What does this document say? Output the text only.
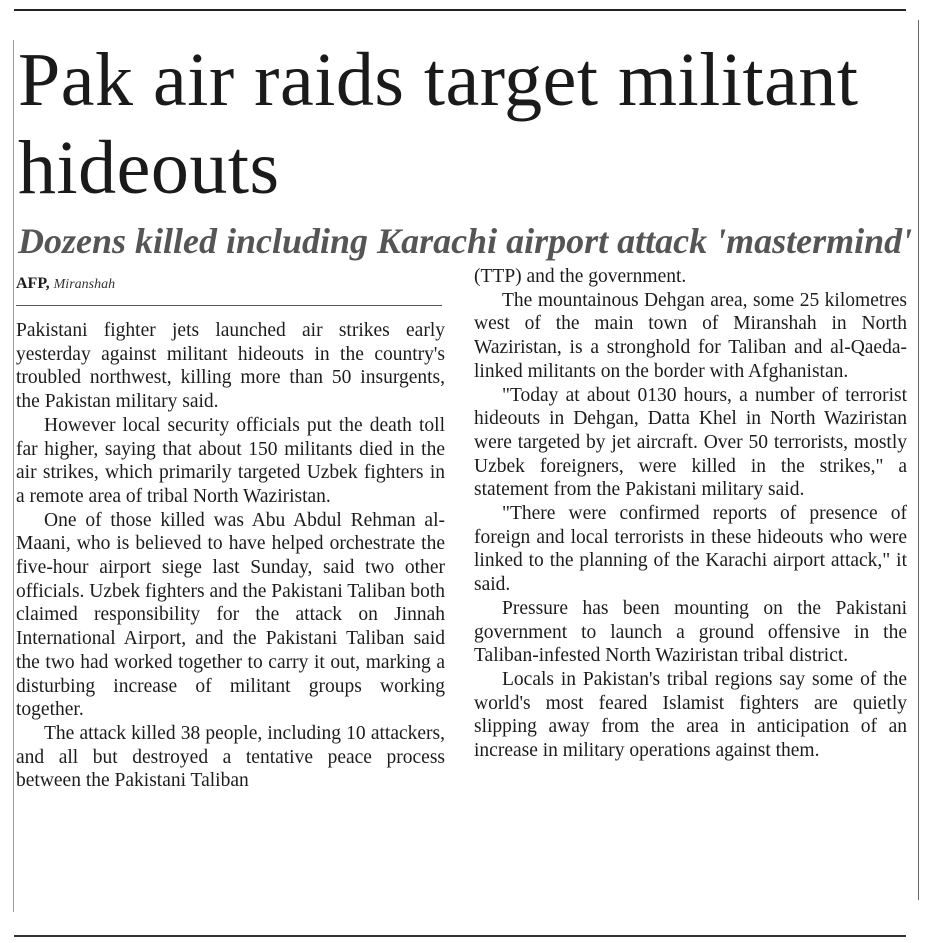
Pak air raids target militant hideouts
Dozens killed including Karachi airport attack 'mastermind'
AFP, Miranshah

Pakistani fighter jets launched air strikes early yesterday against militant hideouts in the country's troubled northwest, killing more than 50 insurgents, the Pakistan military said.

However local security officials put the death toll far higher, saying that about 150 militants died in the air strikes, which primarily targeted Uzbek fighters in a remote area of tribal North Waziristan.

One of those killed was Abu Abdul Rehman al-Maani, who is believed to have helped orchestrate the five-hour airport siege last Sunday, said two other officials. Uzbek fighters and the Pakistani Taliban both claimed responsibility for the attack on Jinnah International Airport, and the Pakistani Taliban said the two had worked together to carry it out, marking a disturbing increase of militant groups working together.

The attack killed 38 people, including 10 attackers, and all but destroyed a tentative peace process between the Pakistani Taliban

(TTP) and the government.

The mountainous Dehgan area, some 25 kilometres west of the main town of Miranshah in North Waziristan, is a stronghold for Taliban and al-Qaeda-linked militants on the border with Afghanistan.

"Today at about 0130 hours, a number of terrorist hideouts in Dehgan, Datta Khel in North Waziristan were targeted by jet aircraft. Over 50 terrorists, mostly Uzbek foreigners, were killed in the strikes," a statement from the Pakistani military said.

"There were confirmed reports of presence of foreign and local terrorists in these hideouts who were linked to the planning of the Karachi airport attack," it said.

Pressure has been mounting on the Pakistani government to launch a ground offensive in the Taliban-infested North Waziristan tribal district.

Locals in Pakistan's tribal regions say some of the world's most feared Islamist fighters are quietly slipping away from the area in anticipation of an increase in military operations against them.
